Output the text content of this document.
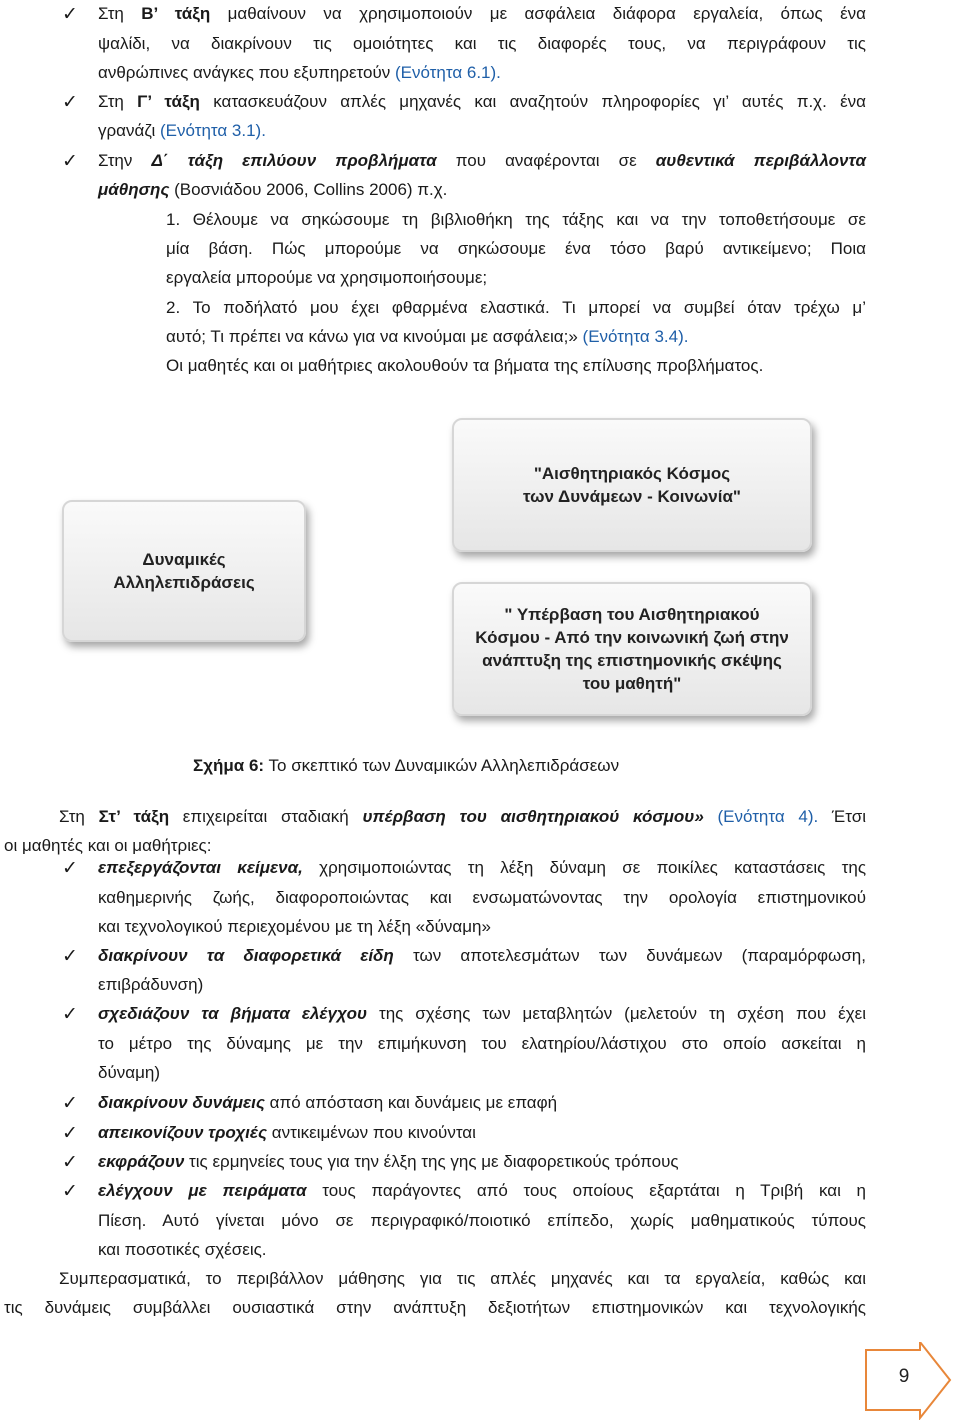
✓ Στη Β’ τάξη μαθαίνουν να χρησιμοποιούν με ασφάλεια διάφορα εργαλεία, όπως ένα
ψαλίδι, να διακρίνουν τις ομοιότητες και τις διαφορές τους, να περιγράφουν τις
ανθρώπινες ανάγκες που εξυπηρετούν (Ενότητα 6.1).
✓ Στη Γ’ τάξη κατασκευάζουν απλές μηχανές και αναζητούν πληροφορίες γι’ αυτές π.χ. ένα
γρανάζι (Ενότητα 3.1).
✓ Στην Δ΄ τάξη επιλύουν προβλήματα που αναφέρονται σε αυθεντικά περιβάλλοντα
μάθησης (Βοσνιάδου 2006, Collins 2006) π.χ.
1. Θέλουμε να σηκώσουμε τη βιβλιοθήκη της τάξης και να την τοποθετήσουμε σε
μία βάση. Πώς μπορούμε να σηκώσουμε ένα τόσο βαρύ αντικείμενο; Ποια
εργαλεία μπορούμε να χρησιμοποιήσουμε;
2. Το ποδήλατό μου έχει φθαρμένα ελαστικά. Τι μπορεί να συμβεί όταν τρέχω μ’
αυτό; Τι πρέπει να κάνω για να κινούμαι με ασφάλεια;» (Ενότητα 3.4).
Οι μαθητές και οι μαθήτριες ακολουθούν τα βήματα της επίλυσης προβλήματος.
Στη Στ’ τάξη επιχειρείται σταδιακή υπέρβαση του αισθητηριακού κόσμου» (Ενότητα 4). Έτσι
οι μαθητές και οι μαθήτριες:
✓ επεξεργάζονται κείμενα, χρησιμοποιώντας τη λέξη δύναμη σε ποικίλες καταστάσεις της
καθημερινής ζωής, διαφοροποιώντας και ενσωματώνοντας την ορολογία επιστημονικού
και τεχνολογικού περιεχομένου με τη λέξη «δύναμη»
✓ διακρίνουν τα διαφορετικά είδη των αποτελεσμάτων των δυνάμεων (παραμόρφωση,
επιβράδυνση)
✓ σχεδιάζουν τα βήματα ελέγχου της σχέσης των μεταβλητών (μελετούν τη σχέση που έχει
το μέτρο της δύναμης με την επιμήκυνση του ελατηρίου/λάστιχου στο οποίο ασκείται η
δύναμη)
✓ διακρίνουν δυνάμεις από απόσταση και δυνάμεις με επαφή
✓ απεικονίζουν τροχιές αντικειμένων που κινούνται
✓ εκφράζουν τις ερμηνείες τους για την έλξη της γης με διαφορετικούς τρόπους
✓ ελέγχουν με πειράματα τους παράγοντες από τους οποίους εξαρτάται η Τριβή και η
Πίεση. Αυτό γίνεται μόνο σε περιγραφικό/ποιοτικό επίπεδο, χωρίς μαθηματικούς τύπους
και ποσοτικές σχέσεις.
Συμπερασματικά, το περιβάλλον μάθησης για τις απλές μηχανές και τα εργαλεία, καθώς και
τις δυνάμεις συμβάλλει ουσιαστικά στην ανάπτυξη δεξιοτήτων επιστημονικών και τεχνολογικής
Δυναμικές
Αλληλεπιδράσεις
"Αισθητηριακός Κόσμος
των Δυνάμεων - Κοινωνία"
" Υπέρβαση του Αισθητηριακού
Κόσμου - Από την κοινωνική ζωή στην
ανάπτυξη της επιστημονικής σκέψης
του μαθητή"
Σχήμα 6: Το σκεπτικό των Δυναμικών Αλληλεπιδράσεων
9
